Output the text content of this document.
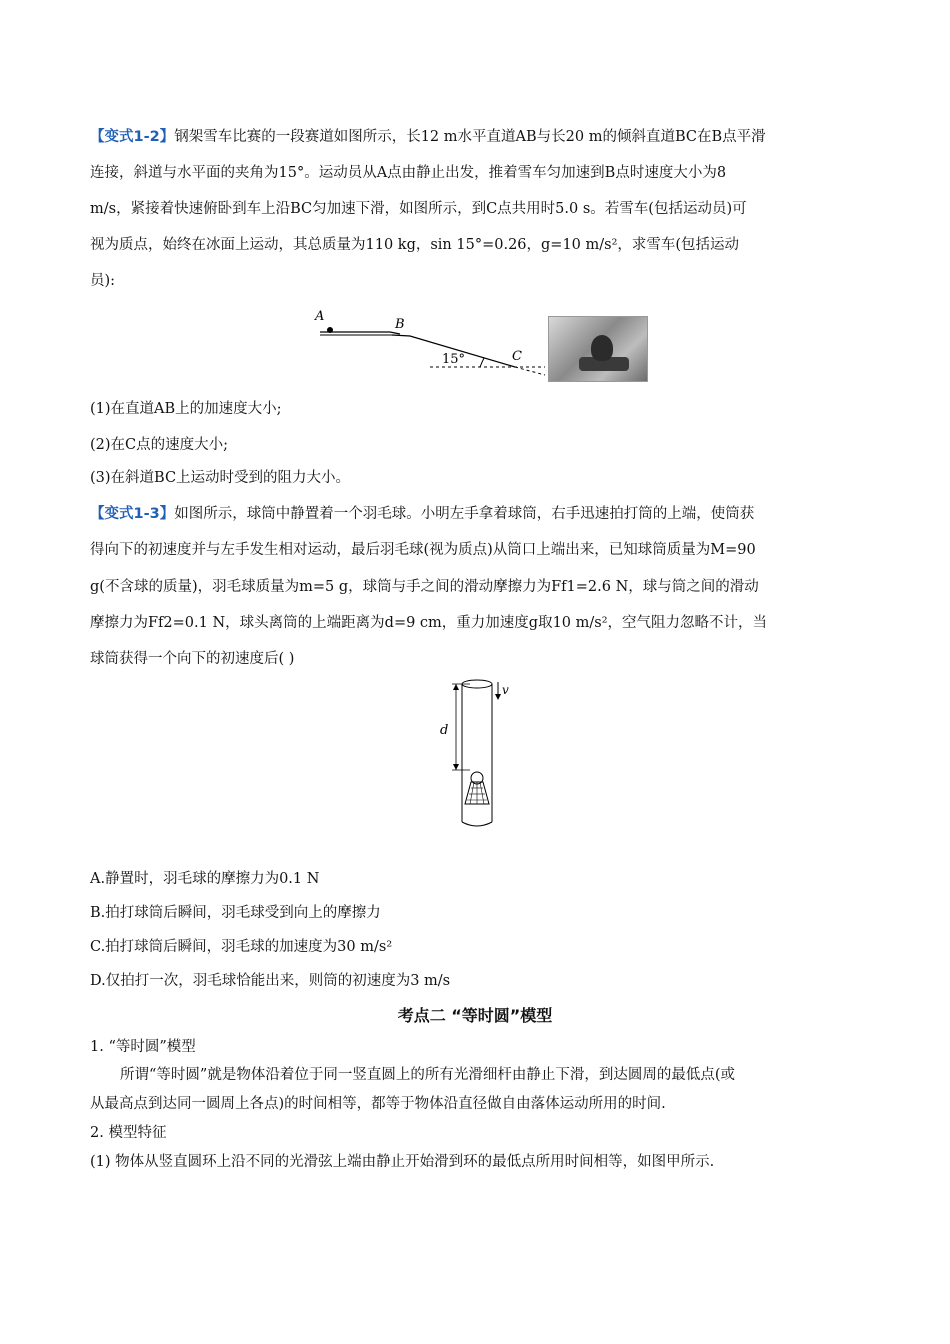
【变式1-2】钢架雪车比赛的一段赛道如图所示，长12 m水平直道AB与长20 m的倾斜直道BC在B点平滑
连接，斜道与水平面的夹角为15°。运动员从A点由静止出发，推着雪车匀加速到B点时速度大小为8
m/s，紧接着快速俯卧到车上沿BC匀加速下滑，如图所示，到C点共用时5.0 s。若雪车(包括运动员)可
视为质点，始终在冰面上运动，其总质量为110 kg，sin 15°=0.26，g=10 m/s²，求雪车(包括运动
员):
A
B
C
15°
(1)在直道AB上的加速度大小;
(2)在C点的速度大小;
(3)在斜道BC上运动时受到的阻力大小。
【变式1-3】如图所示，球筒中静置着一个羽毛球。小明左手拿着球筒，右手迅速拍打筒的上端，使筒获
得向下的初速度并与左手发生相对运动，最后羽毛球(视为质点)从筒口上端出来，已知球筒质量为M=90
g(不含球的质量)，羽毛球质量为m=5 g，球筒与手之间的滑动摩擦力为Ff1=2.6 N，球与筒之间的滑动
摩擦力为Ff2=0.1 N，球头离筒的上端距离为d=9 cm，重力加速度g取10 m/s²，空气阻力忽略不计，当
球筒获得一个向下的初速度后( )
d
v
A.静置时，羽毛球的摩擦力为0.1 N
B.拍打球筒后瞬间，羽毛球受到向上的摩擦力
C.拍打球筒后瞬间，羽毛球的加速度为30 m/s²
D.仅拍打一次，羽毛球恰能出来，则筒的初速度为3 m/s
考点二 “等时圆”模型
1. “等时圆”模型
所谓“等时圆”就是物体沿着位于同一竖直圆上的所有光滑细杆由静止下滑，到达圆周的最低点(或
从最高点到达同一圆周上各点)的时间相等，都等于物体沿直径做自由落体运动所用的时间.
2. 模型特征
(1) 物体从竖直圆环上沿不同的光滑弦上端由静止开始滑到环的最低点所用时间相等，如图甲所示.
